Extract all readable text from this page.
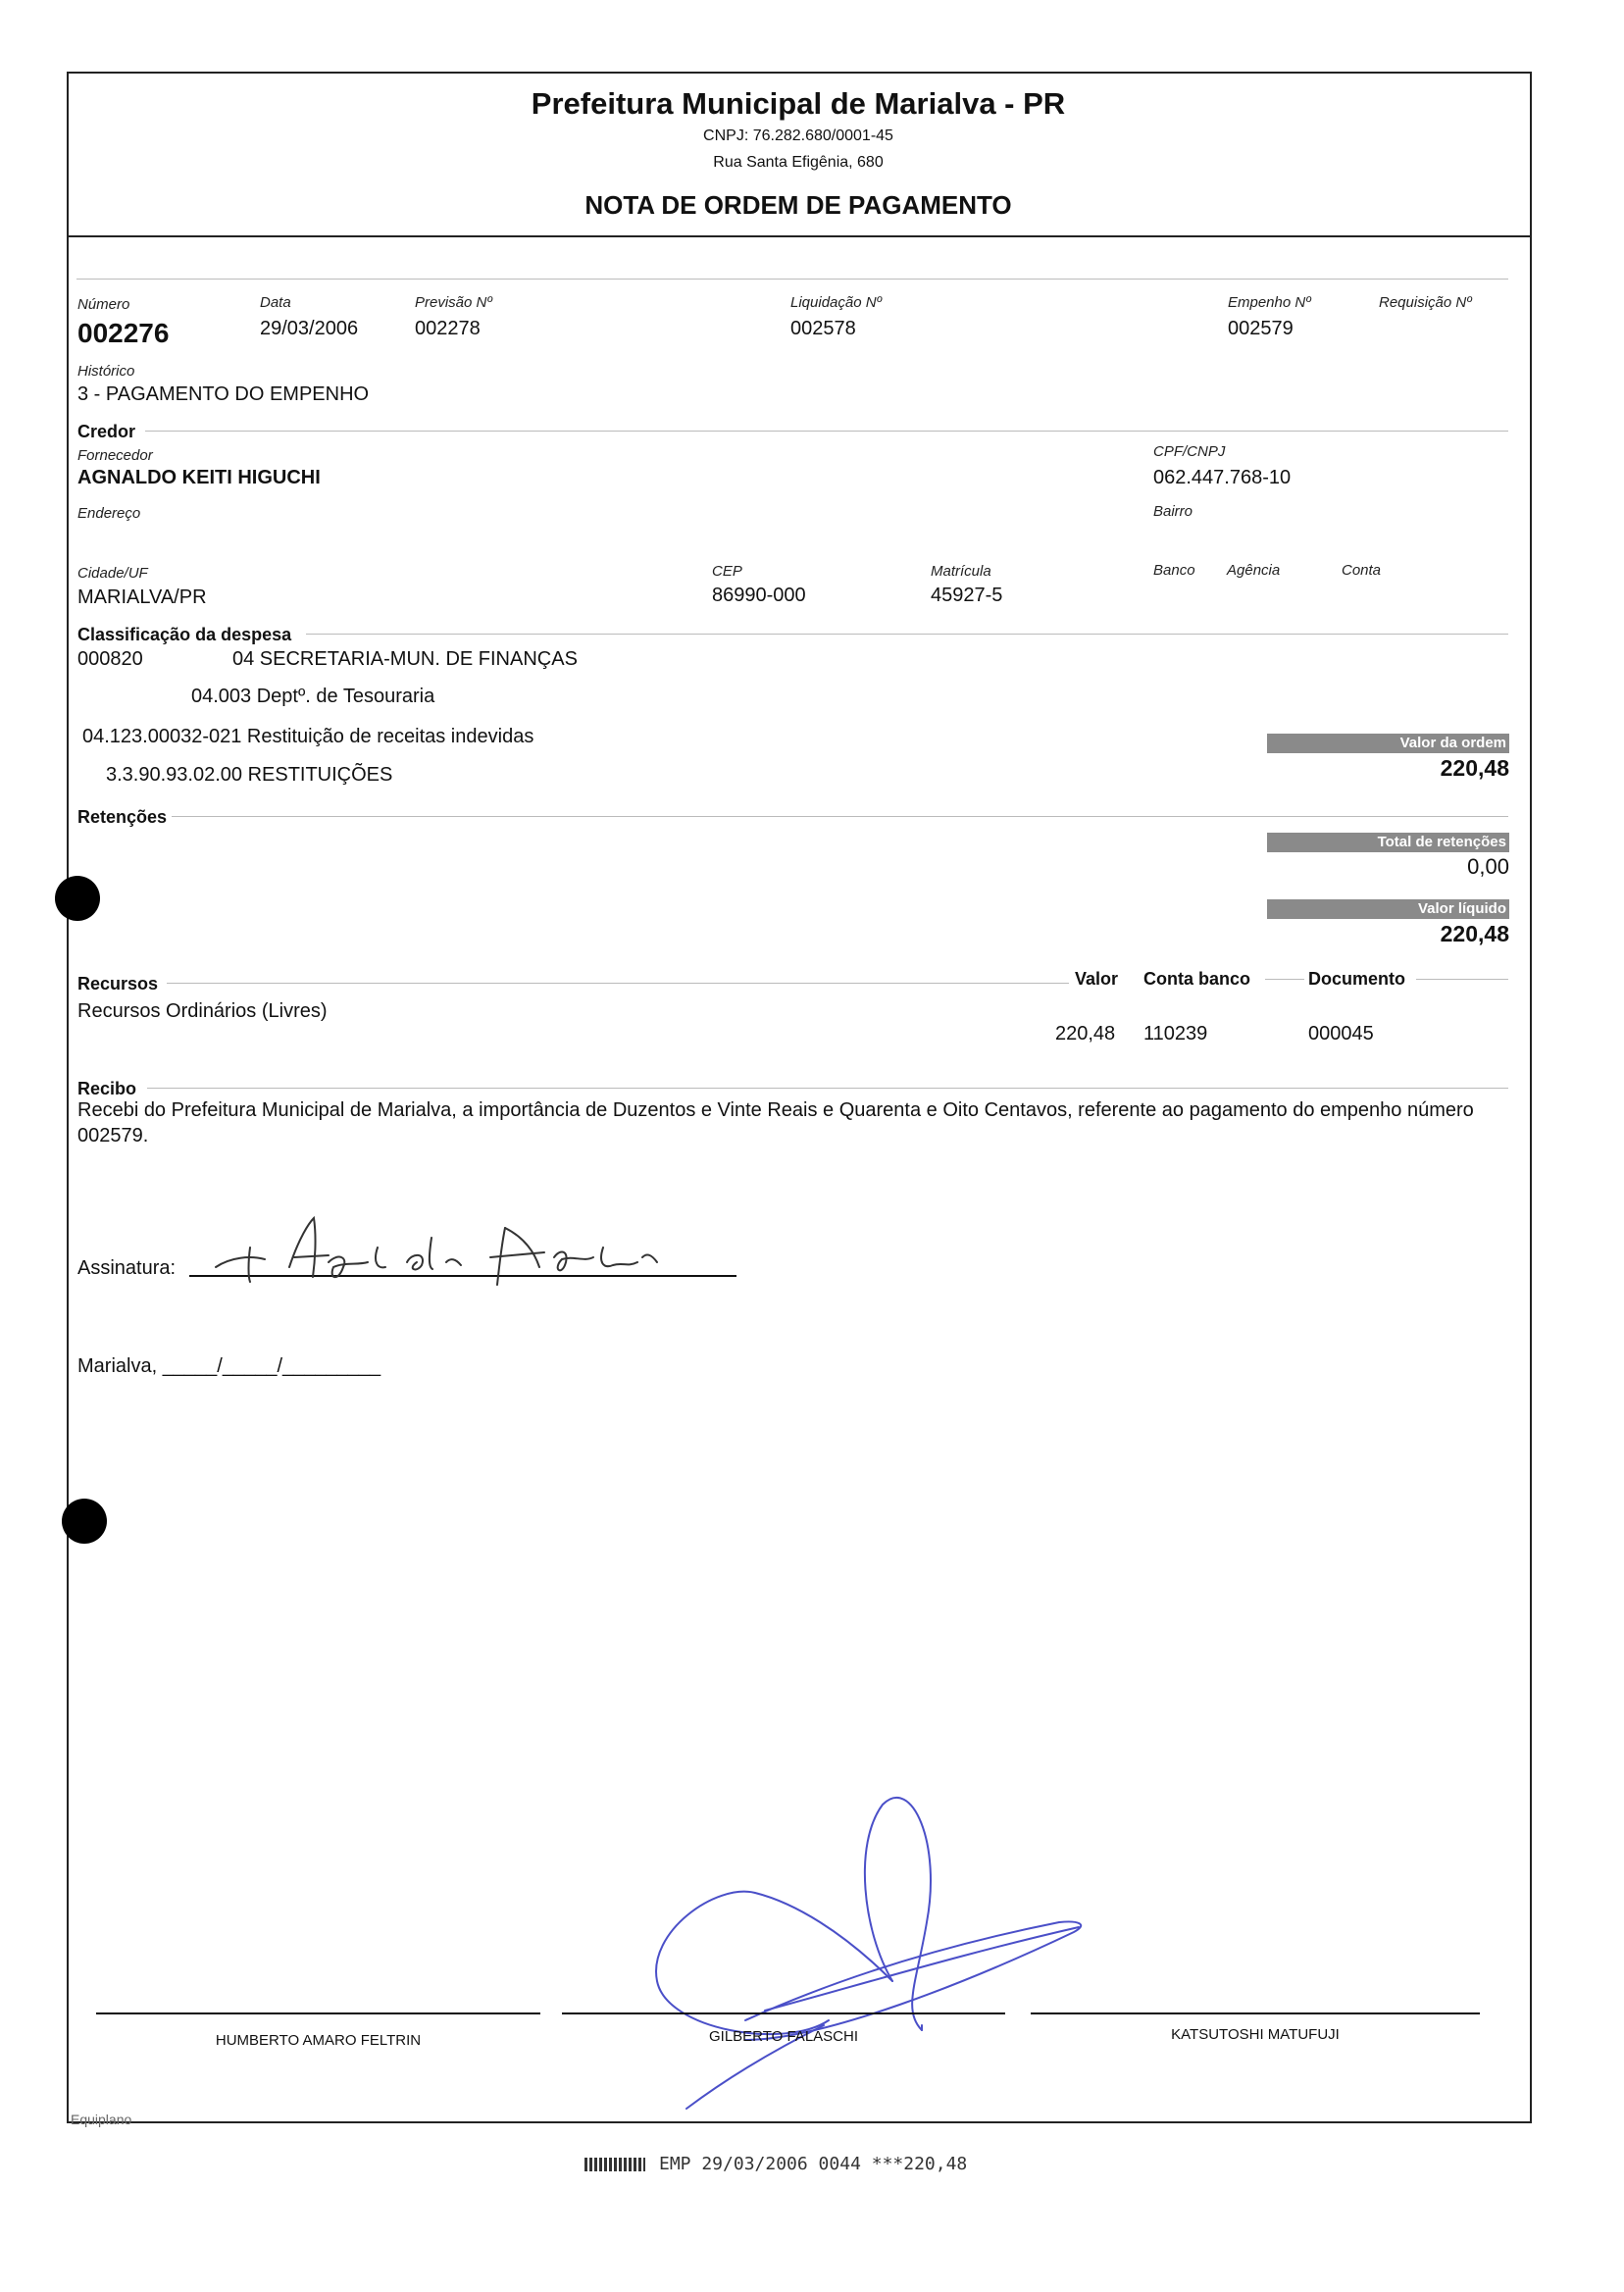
Prefeitura Municipal de Marialva - PR
CNPJ: 76.282.680/0001-45
Rua Santa Efigênia, 680
NOTA DE ORDEM DE PAGAMENTO
Número	Data	Previsão Nº	Liquidação Nº	Empenho Nº	Requisição Nº
002276	29/03/2006	002278	002578	002579
Histórico
3 - PAGAMENTO DO EMPENHO
Credor
Fornecedor
AGNALDO KEITI HIGUCHI
CPF/CNPJ
062.447.768-10
Endereço	Bairro
Cidade/UF
MARIALVA/PR
CEP
86990-000
Matrícula
45927-5
Banco Agência	Conta
Classificação da despesa
000820	04 SECRETARIA-MUN. DE FINANÇAS
04.003 Deptº. de Tesouraria
04.123.00032-021 Restituição de receitas indevidas
3.3.90.93.02.00 RESTITUIÇÕES
Valor da ordem
220,48
Retenções
Total de retenções
0,00
Valor líquido
220,48
Recursos	Valor Conta banco	Documento
Recursos Ordinários (Livres)
220,48 110239	000045
Recibo
Recebi do Prefeitura Municipal de Marialva, a importância de Duzentos e Vinte Reais e Quarenta e Oito Centavos, referente ao pagamento do empenho número 002579.
Assinatura:
Marialva, _____/_____/_________
HUMBERTO AMARO FELTRIN	GILBERTO FALASCHI	KATSUTOSHI MATUFUJI
Equiplano
EMP 29/03/2006 0044 ***220,48
